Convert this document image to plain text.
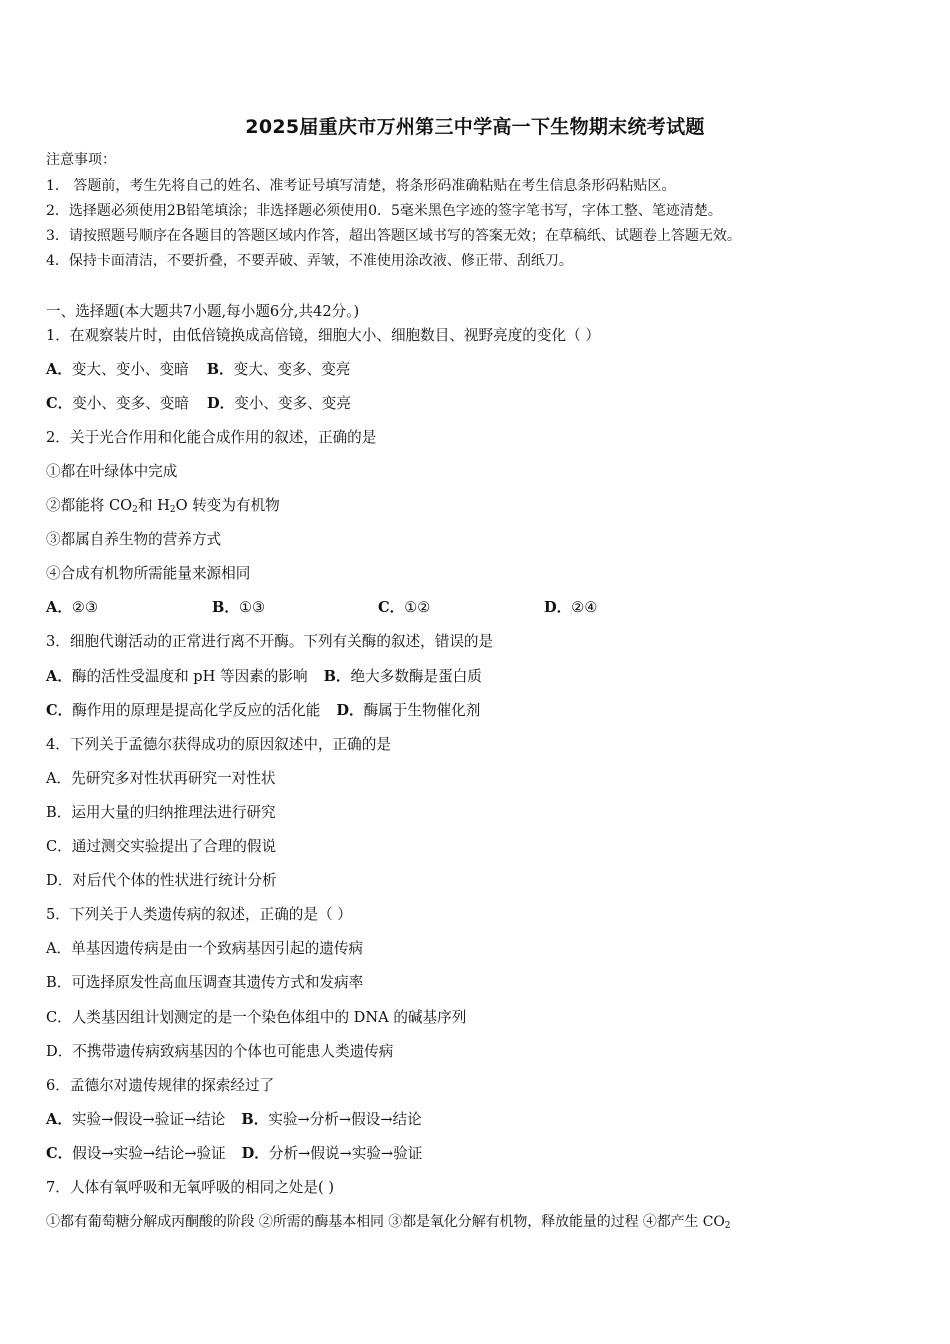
2025届重庆市万州第三中学高一下生物期末统考试题
注意事项：
1． 答题前，考生先将自己的姓名、准考证号填写清楚，将条形码准确粘贴在考生信息条形码粘贴区。
2．选择题必须使用2B铅笔填涂；非选择题必须使用0．5毫米黑色字迹的签字笔书写，字体工整、笔迹清楚。
3．请按照题号顺序在各题目的答题区域内作答，超出答题区域书写的答案无效；在草稿纸、试题卷上答题无效。
4．保持卡面清洁，不要折叠，不要弄破、弄皱，不准使用涂改液、修正带、刮纸刀。
一、选择题(本大题共7小题,每小题6分,共42分。)
1．在观察装片时，由低倍镜换成高倍镜，细胞大小、细胞数目、视野亮度的变化（ ）
A．变大、变小、变暗 B．变大、变多、变亮
C．变小、变多、变暗 D．变小、变多、变亮
2．关于光合作用和化能合成作用的叙述，正确的是
①都在叶绿体中完成
②都能将 $CO_2$和 $H_2O$ 转变为有机物
③都属自养生物的营养方式
④合成有机物所需能量来源相同
A．②③	B．①③	C．①②	D．②④
3．细胞代谢活动的正常进行离不开酶。下列有关酶的叙述，错误的是
A．酶的活性受温度和 pH 等因素的影响 B．绝大多数酶是蛋白质
C．酶作用的原理是提高化学反应的活化能 D．酶属于生物催化剂
4．下列关于孟德尔获得成功的原因叙述中，正确的是
A．先研究多对性状再研究一对性状
B．运用大量的归纳推理法进行研究
C．通过测交实验提出了合理的假说
D．对后代个体的性状进行统计分析
5．下列关于人类遗传病的叙述，正确的是（ ）
A．单基因遗传病是由一个致病基因引起的遗传病
B．可选择原发性高血压调查其遗传方式和发病率
C．人类基因组计划测定的是一个染色体组中的 DNA 的碱基序列
D．不携带遗传病致病基因的个体也可能患人类遗传病
6．孟德尔对遗传规律的探索经过了
A．实验→假设→验证→结论 B．实验→分析→假设→结论
C．假设→实验→结论→验证 D．分析→假说→实验→验证
7．人体有氧呼吸和无氧呼吸的相同之处是( )
①都有葡萄糖分解成丙酮酸的阶段 ②所需的酶基本相同 ③都是氧化分解有机物，释放能量的过程 ④都产生 $CO_2$
